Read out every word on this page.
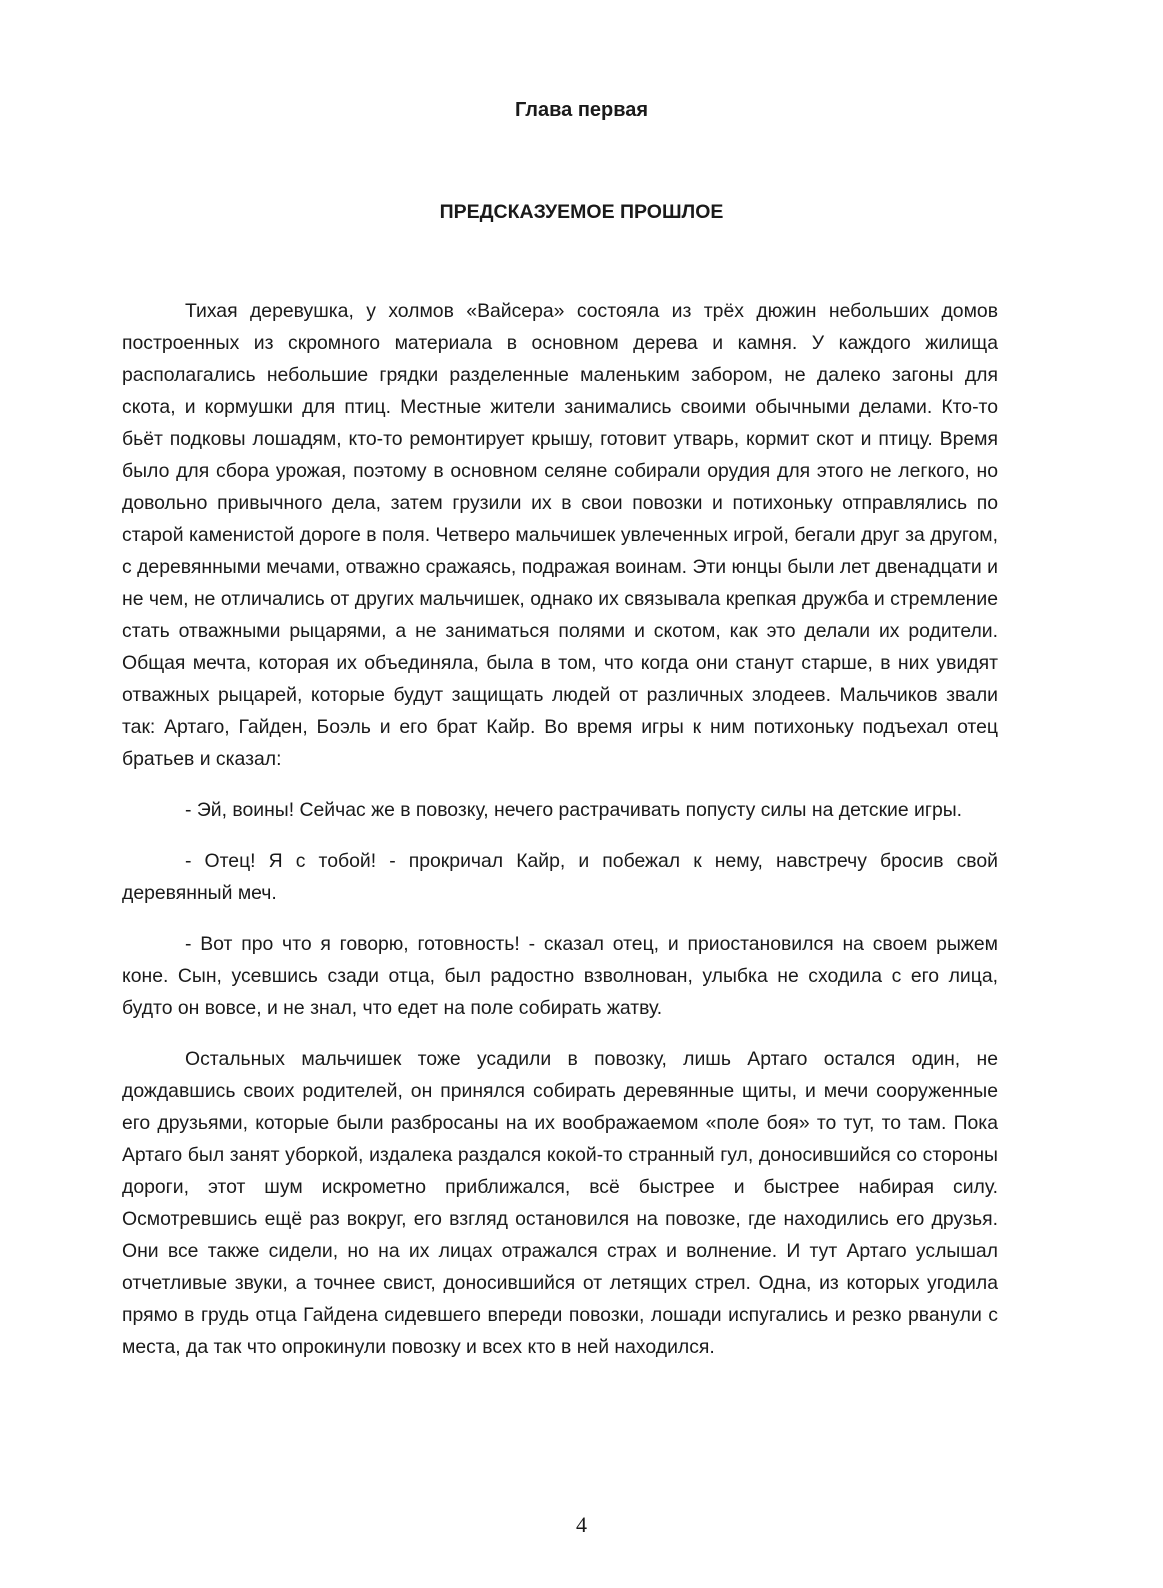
Глава первая
ПРЕДСКАЗУЕМОЕ ПРОШЛОЕ

Тихая деревушка, у холмов «Вайсера» состояла из трёх дюжин небольших домов построенных из скромного материала в основном дерева и камня. У каждого жилища располагались небольшие грядки разделенные маленьким забором, не далеко загоны для скота, и кормушки для птиц. Местные жители занимались своими обычными делами. Кто-то бьёт подковы лошадям, кто-то ремонтирует крышу, готовит утварь, кормит скот и птицу. Время было для сбора урожая, поэтому в основном селяне собирали орудия для этого не легкого, но довольно привычного дела, затем грузили их в свои повозки и потихоньку отправлялись по старой каменистой дороге в поля. Четверо мальчишек увлеченных игрой, бегали друг за другом, с деревянными мечами, отважно сражаясь, подражая воинам. Эти юнцы были лет двенадцати и не чем, не отличались от других мальчишек, однако их связывала крепкая дружба и стремление стать отважными рыцарями, а не заниматься полями и скотом, как это делали их родители. Общая мечта, которая их объединяла, была в том, что когда они станут старше, в них увидят отважных рыцарей, которые будут защищать людей от различных злодеев. Мальчиков звали так: Артаго, Гайден, Боэль и его брат Кайр. Во время игры к ним потихоньку подъехал отец братьев и сказал:

- Эй, воины! Сейчас же в повозку, нечего растрачивать попусту силы на детские игры.

- Отец! Я с тобой! - прокричал Кайр, и побежал к нему, навстречу бросив свой деревянный меч.

- Вот про что я говорю, готовность! - сказал отец, и приостановился на своем рыжем коне. Сын, усевшись сзади отца, был радостно взволнован, улыбка не сходила с его лица, будто он вовсе, и не знал, что едет на поле собирать жатву.

Остальных мальчишек тоже усадили в повозку, лишь Артаго остался один, не дождавшись своих родителей, он принялся собирать деревянные щиты, и мечи сооруженные его друзьями, которые были разбросаны на их воображаемом «поле боя» то тут, то там. Пока Артаго был занят уборкой, издалека раздался кокой-то странный гул, доносившийся со стороны дороги, этот шум искрометно приближался, всё быстрее и быстрее набирая силу. Осмотревшись ещё раз вокруг, его взгляд остановился на повозке, где находились его друзья. Они все также сидели, но на их лицах отражался страх и волнение. И тут Артаго услышал отчетливые звуки, а точнее свист, доносившийся от летящих стрел. Одна, из которых угодила прямо в грудь отца Гайдена сидевшего впереди повозки, лошади испугались и резко рванули с места, да так что опрокинули повозку и всех кто в ней находился.

4
